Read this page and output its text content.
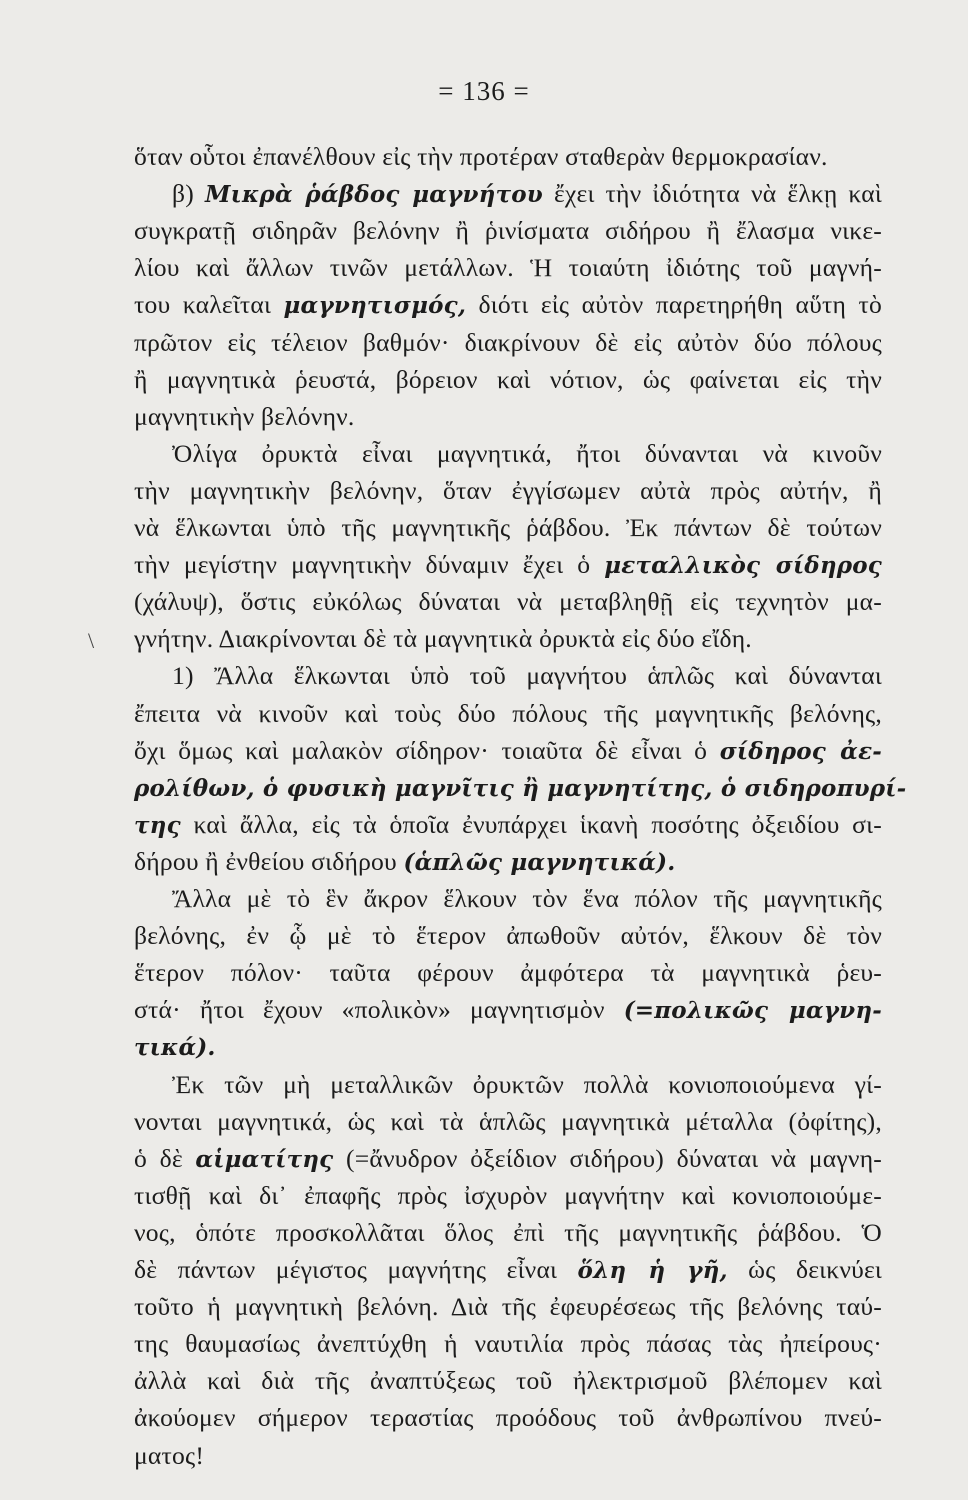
= 136 =
\
ὅταν οὗτοι ἐπανέλθουν εἰς τὴν προτέραν σταθερὰν θερμοκρασίαν.
β) Μικρὰ ῥάβδος μαγνήτου ἔχει τὴν ἰδιότητα νὰ ἕλκῃ καὶ
συγκρατῇ σιδηρᾶν βελόνην ἢ ῥινίσματα σιδήρου ἢ ἔλασμα νικε-
λίου καὶ ἄλλων τινῶν μετάλλων. Ἡ τοιαύτη ἰδιότης τοῦ μαγνή-
του καλεῖται μαγνητισμός, διότι εἰς αὐτὸν παρετηρήθη αὕτη τὸ
πρῶτον εἰς τέλειον βαθμόν· διακρίνουν δὲ εἰς αὐτὸν δύο πόλους
ἢ μαγνητικὰ ῥευστά, βόρειον καὶ νότιον, ὡς φαίνεται εἰς τὴν
μαγνητικὴν βελόνην.
Ὀλίγα ὀρυκτὰ εἶναι μαγνητικά, ἤτοι δύνανται νὰ κινοῦν
τὴν μαγνητικὴν βελόνην, ὅταν ἐγγίσωμεν αὐτὰ πρὸς αὐτήν, ἢ
νὰ ἕλκωνται ὑπὸ τῆς μαγνητικῆς ῥάβδου. Ἐκ πάντων δὲ τούτων
τὴν μεγίστην μαγνητικὴν δύναμιν ἔχει ὁ μεταλλικὸς σίδηρος
(χάλυψ), ὅστις εὐκόλως δύναται νὰ μεταβληθῇ εἰς τεχνητὸν μα-
γνήτην. Διακρίνονται δὲ τὰ μαγνητικὰ ὀρυκτὰ εἰς δύο εἴδη.
1) Ἄλλα ἕλκωνται ὑπὸ τοῦ μαγνήτου ἁπλῶς καὶ δύνανται
ἔπειτα νὰ κινοῦν καὶ τοὺς δύο πόλους τῆς μαγνητικῆς βελόνης,
ὄχι ὅμως καὶ μαλακὸν σίδηρον· τοιαῦτα δὲ εἶναι ὁ σίδηρος ἀε-
ρολίθων, ὁ φυσικὴ μαγνῖτις ἢ μαγνητίτης, ὁ σιδηροπυρί-
της καὶ ἄλλα, εἰς τὰ ὁποῖα ἐνυπάρχει ἱκανὴ ποσότης ὀξειδίου σι-
δήρου ἢ ἐνθείου σιδήρου (ἁπλῶς μαγνητικά).
Ἄλλα μὲ τὸ ἓν ἄκρον ἕλκουν τὸν ἕνα πόλον τῆς μαγνητικῆς
βελόνης, ἐν ᾧ μὲ τὸ ἕτερον ἀπωθοῦν αὐτόν, ἕλκουν δὲ τὸν
ἕτερον πόλον· ταῦτα φέρουν ἀμφότερα τὰ μαγνητικὰ ῥευ-
στά· ἤτοι ἔχουν «πολικὸν» μαγνητισμὸν (=πολικῶς μαγνη-
τικά).
Ἐκ τῶν μὴ μεταλλικῶν ὀρυκτῶν πολλὰ κονιοποιούμενα γί-
νονται μαγνητικά, ὡς καὶ τὰ ἁπλῶς μαγνητικὰ μέταλλα (ὀφίτης),
ὁ δὲ αἱματίτης (=ἄνυδρον ὀξείδιον σιδήρου) δύναται νὰ μαγνη-
τισθῇ καὶ δι᾽ ἐπαφῆς πρὸς ἰσχυρὸν μαγνήτην καὶ κονιοποιούμε-
νος, ὁπότε προσκολλᾶται ὅλος ἐπὶ τῆς μαγνητικῆς ῥάβδου. Ὁ
δὲ πάντων μέγιστος μαγνήτης εἶναι ὅλη ἡ γῆ, ὡς δεικνύει
τοῦτο ἡ μαγνητικὴ βελόνη. Διὰ τῆς ἐφευρέσεως τῆς βελόνης ταύ-
της θαυμασίως ἀνεπτύχθη ἡ ναυτιλία πρὸς πάσας τὰς ἠπείρους·
ἀλλὰ καὶ διὰ τῆς ἀναπτύξεως τοῦ ἠλεκτρισμοῦ βλέπομεν καὶ
ἀκούομεν σήμερον τεραστίας προόδους τοῦ ἀνθρωπίνου πνεύ-
ματος!
